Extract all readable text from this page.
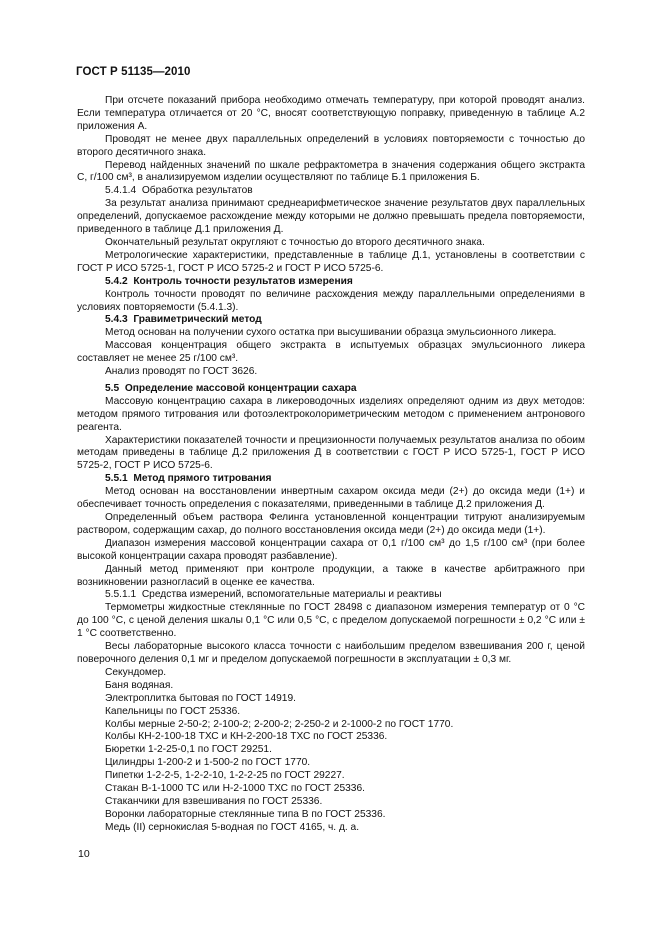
ГОСТ Р 51135—2010

При отсчете показаний прибора необходимо отмечать температуру, при которой проводят анализ. Если температура отличается от 20 °С, вносят соответствующую поправку, приведенную в таблице А.2 приложения А.

Проводят не менее двух параллельных определений в условиях повторяемости с точностью до второго десятичного знака.

Перевод найденных значений по шкале рефрактометра в значения содержания общего экстракта С, г/100 см³, в анализируемом изделии осуществляют по таблице Б.1 приложения Б.

5.4.1.4 Обработка результатов

За результат анализа принимают среднеарифметическое значение результатов двух параллельных определений, допускаемое расхождение между которыми не должно превышать предела повторяемости, приведенного в таблице Д.1 приложения Д.

Окончательный результат округляют с точностью до второго десятичного знака.

Метрологические характеристики, представленные в таблице Д.1, установлены в соответствии с ГОСТ Р ИСО 5725-1, ГОСТ Р ИСО 5725-2 и ГОСТ Р ИСО 5725-6.

5.4.2 Контроль точности результатов измерения

Контроль точности проводят по величине расхождения между параллельными определениями в условиях повторяемости (5.4.1.3).

5.4.3 Гравиметрический метод

Метод основан на получении сухого остатка при высушивании образца эмульсионного ликера.

Массовая концентрация общего экстракта в испытуемых образцах эмульсионного ликера составляет не менее 25 г/100 см³.

Анализ проводят по ГОСТ 3626.

5.5 Определение массовой концентрации сахара

Массовую концентрацию сахара в ликероводочных изделиях определяют одним из двух методов: методом прямого титрования или фотоэлектроколориметрическим методом с применением антронового реагента.

Характеристики показателей точности и прецизионности получаемых результатов анализа по обоим методам приведены в таблице Д.2 приложения Д в соответствии с ГОСТ Р ИСО 5725-1, ГОСТ Р ИСО 5725-2, ГОСТ Р ИСО 5725-6.

5.5.1 Метод прямого титрования

Метод основан на восстановлении инвертным сахаром оксида меди (2+) до оксида меди (1+) и обеспечивает точность определения с показателями, приведенными в таблице Д.2 приложения Д.

Определенный объем раствора Фелинга установленной концентрации титруют анализируемым раствором, содержащим сахар, до полного восстановления оксида меди (2+) до оксида меди (1+).

Диапазон измерения массовой концентрации сахара от 0,1 г/100 см³ до 1,5 г/100 см³ (при более высокой концентрации сахара проводят разбавление).

Данный метод применяют при контроле продукции, а также в качестве арбитражного при возникновении разногласий в оценке ее качества.

5.5.1.1 Средства измерений, вспомогательные материалы и реактивы

Термометры жидкостные стеклянные по ГОСТ 28498 с диапазоном измерения температур от 0 °С до 100 °С, с ценой деления шкалы 0,1 °С или 0,5 °С, с пределом допускаемой погрешности ± 0,2 °С или ± 1 °С соответственно.

Весы лабораторные высокого класса точности с наибольшим пределом взвешивания 200 г, ценой поверочного деления 0,1 мг и пределом допускаемой погрешности в эксплуатации ± 0,3 мг.

Секундомер.

Баня водяная.

Электроплитка бытовая по ГОСТ 14919.

Капельницы по ГОСТ 25336.

Колбы мерные 2-50-2; 2-100-2; 2-200-2; 2-250-2 и 2-1000-2 по ГОСТ 1770.

Колбы КН-2-100-18 ТХС и КН-2-200-18 ТХС по ГОСТ 25336.

Бюретки 1-2-25-0,1 по ГОСТ 29251.

Цилиндры 1-200-2 и 1-500-2 по ГОСТ 1770.

Пипетки 1-2-2-5, 1-2-2-10, 1-2-2-25 по ГОСТ 29227.

Стакан В-1-1000 ТС или Н-2-1000 ТХС по ГОСТ 25336.

Стаканчики для взвешивания по ГОСТ 25336.

Воронки лабораторные стеклянные типа В по ГОСТ 25336.

Медь (II) сернокислая 5-водная по ГОСТ 4165, ч. д. а.

10
